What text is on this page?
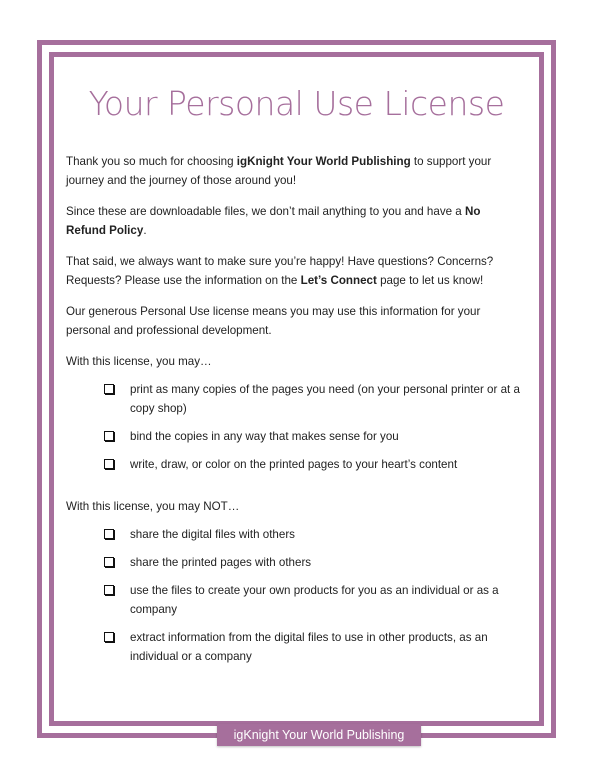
Your Personal Use License

Thank you so much for choosing igKnight Your World Publishing to support your journey and the journey of those around you!

Since these are downloadable files, we don’t mail anything to you and have a No Refund Policy.

That said, we always want to make sure you’re happy! Have questions? Concerns? Requests? Please use the information on the Let’s Connect page to let us know!

Our generous Personal Use license means you may use this information for your personal and professional development.

With this license, you may…

print as many copies of the pages you need (on your personal printer or at a copy shop)
bind the copies in any way that makes sense for you
write, draw, or color on the printed pages to your heart’s content

With this license, you may NOT…

share the digital files with others
share the printed pages with others
use the files to create your own products for you as an individual or as a company
extract information from the digital files to use in other products, as an individual or a company
igKnight Your World Publishing
